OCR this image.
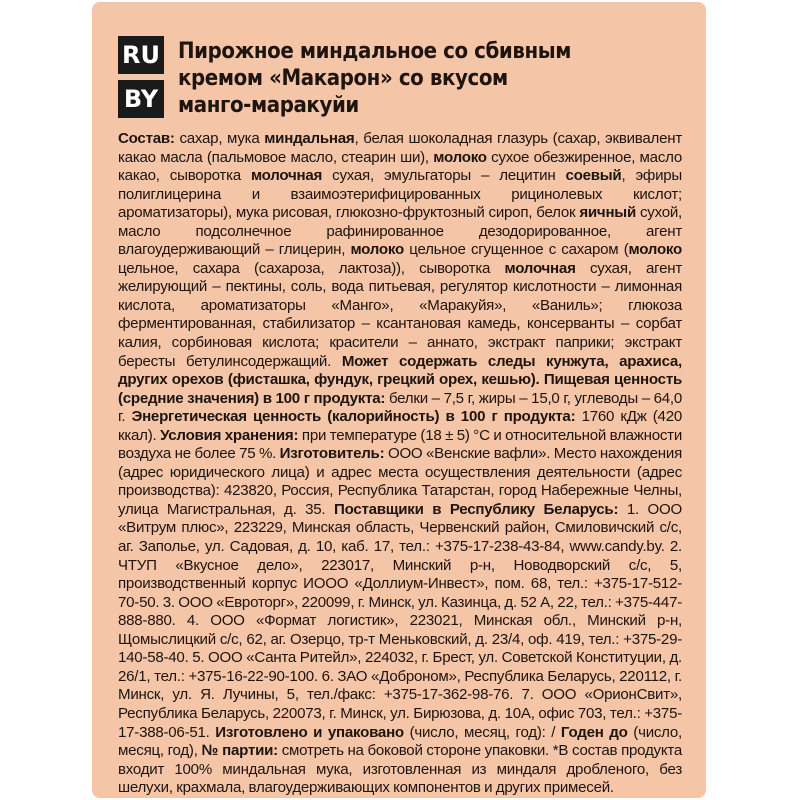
RU
BY
Пирожное миндальное со сбивным
кремом «Макарон» со вкусом
манго-маракуйи
Состав: сахар, мука миндальная, белая шоколадная глазурь (сахар, эквивалент какао масла (пальмовое масло, стеарин ши), молоко сухое обезжиренное, масло какао, сыворотка молочная сухая, эмульгаторы – лецитин соевый, эфиры полиглицерина и взаимоэтерифицированных рицинолевых кислот; ароматизаторы), мука рисовая, глюкозно-фруктозный сироп, белок яичный сухой, масло подсолнечное рафинированное дезодорированное, агент влагоудерживающий – глицерин, молоко цельное сгущенное с сахаром (молоко цельное, сахара (сахароза, лактоза)), сыворотка молочная сухая, агент желирующий – пектины, соль, вода питьевая, регулятор кислотности – лимонная кислота, ароматизаторы «Манго», «Маракуйя», «Ваниль»; глюкоза ферментированная, стабилизатор – ксантановая камедь, консерванты – сорбат калия, сорбиновая кислота; красители – аннато, экстракт паприки; экстракт бересты бетулинсодержащий. Может содержать следы кунжута, арахиса, других орехов (фисташка, фундук, грецкий орех, кешью). Пищевая ценность (средние значения) в 100 г продукта: белки – 7,5 г, жиры – 15,0 г, углеводы – 64,0 г. Энергетическая ценность (калорийность) в 100 г продукта: 1760 кДж (420 ккал). Условия хранения: при температуре (18 ± 5) °С и относительной влажности воздуха не более 75 %. Изготовитель: ООО «Венские вафли». Место нахождения (адрес юридического лица) и адрес места осуществления деятельности (адрес производства): 423820, Россия, Республика Татарстан, город Набережные Челны, улица Магистральная, д. 35. Поставщики в Республику Беларусь: 1. ООО «Витрум плюс», 223229, Минская область, Червенский район, Смиловичский с/с, аг. Заполье, ул. Садовая, д. 10, каб. 17, тел.: +375-17-238-43-84, www.candy.by. 2. ЧТУП «Вкусное дело», 223017, Минский р-н, Новодворский с/с, 5, производственный корпус ИООО «Доллиум-Инвест», пом. 68, тел.: +375-17-512-70-50. 3. ООО «Евроторг», 220099, г. Минск, ул. Казинца, д. 52 А, 22, тел.: +375-447-888-880. 4. ООО «Формат логистик», 223021, Минская обл., Минский р-н, Щомыслицкий с/с, 62, аг. Озерцо, тр-т Меньковский, д. 23/4, оф. 419, тел.: +375-29-140-58-40. 5. ООО «Санта Ритейл», 224032, г. Брест, ул. Советской Конституции, д. 26/1, тел.: +375-16-22-90-100. 6. ЗАО «Доброном», Республика Беларусь, 220112, г. Минск, ул. Я. Лучины, 5, тел./факс: +375-17-362-98-76. 7. ООО «ОрионСвит», Республика Беларусь, 220073, г. Минск, ул. Бирюзова, д. 10А, офис 703, тел.: +375-17-388-06-51. Изготовлено и упаковано (число, месяц, год): / Годен до (число, месяц, год), № партии: смотреть на боковой стороне упаковки. *В состав продукта входит 100% миндальная мука, изготовленная из миндаля дробленого, без шелухи, крахмала, влагоудерживающих компонентов и других примесей.
